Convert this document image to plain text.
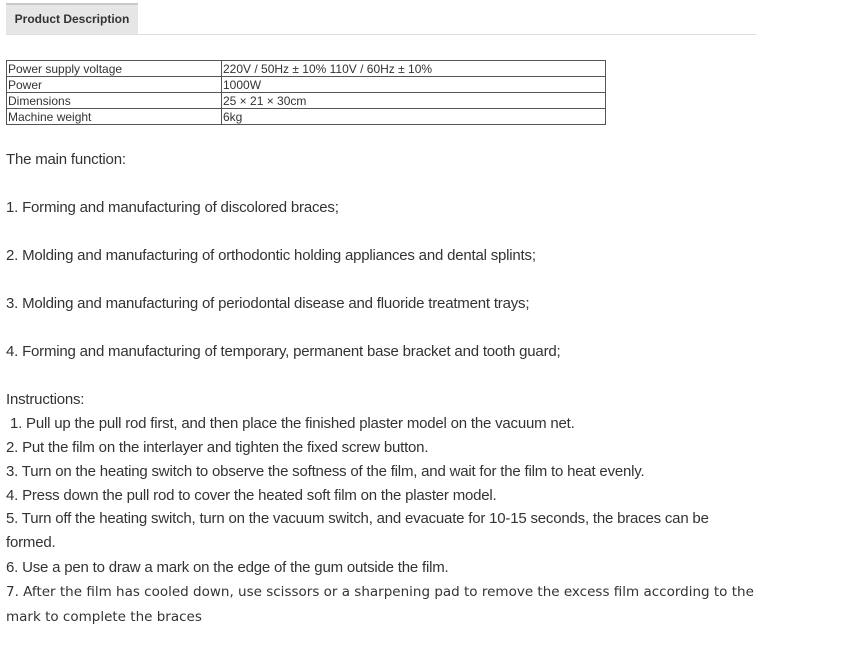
Product Description
Power supply voltage	220V / 50Hz ± 10% 110V / 60Hz ± 10%
Power	1000W
Dimensions	25 × 21 × 30cm
Machine weight	6kg
The main function:
1. Forming and manufacturing of discolored braces;
2. Molding and manufacturing of orthodontic holding appliances and dental splints;
3. Molding and manufacturing of periodontal disease and fluoride treatment trays;
4. Forming and manufacturing of temporary, permanent base bracket and tooth guard;
Instructions:
1. Pull up the pull rod first, and then place the finished plaster model on the vacuum net.
2. Put the film on the interlayer and tighten the fixed screw button.
3. Turn on the heating switch to observe the softness of the film, and wait for the film to heat evenly.
4. Press down the pull rod to cover the heated soft film on the plaster model.
5. Turn off the heating switch, turn on the vacuum switch, and evacuate for 10-15 seconds, the braces can be formed.
6. Use a pen to draw a mark on the edge of the gum outside the film.
7. After the film has cooled down, use scissors or a sharpening pad to remove the excess film according to the mark to complete the braces
